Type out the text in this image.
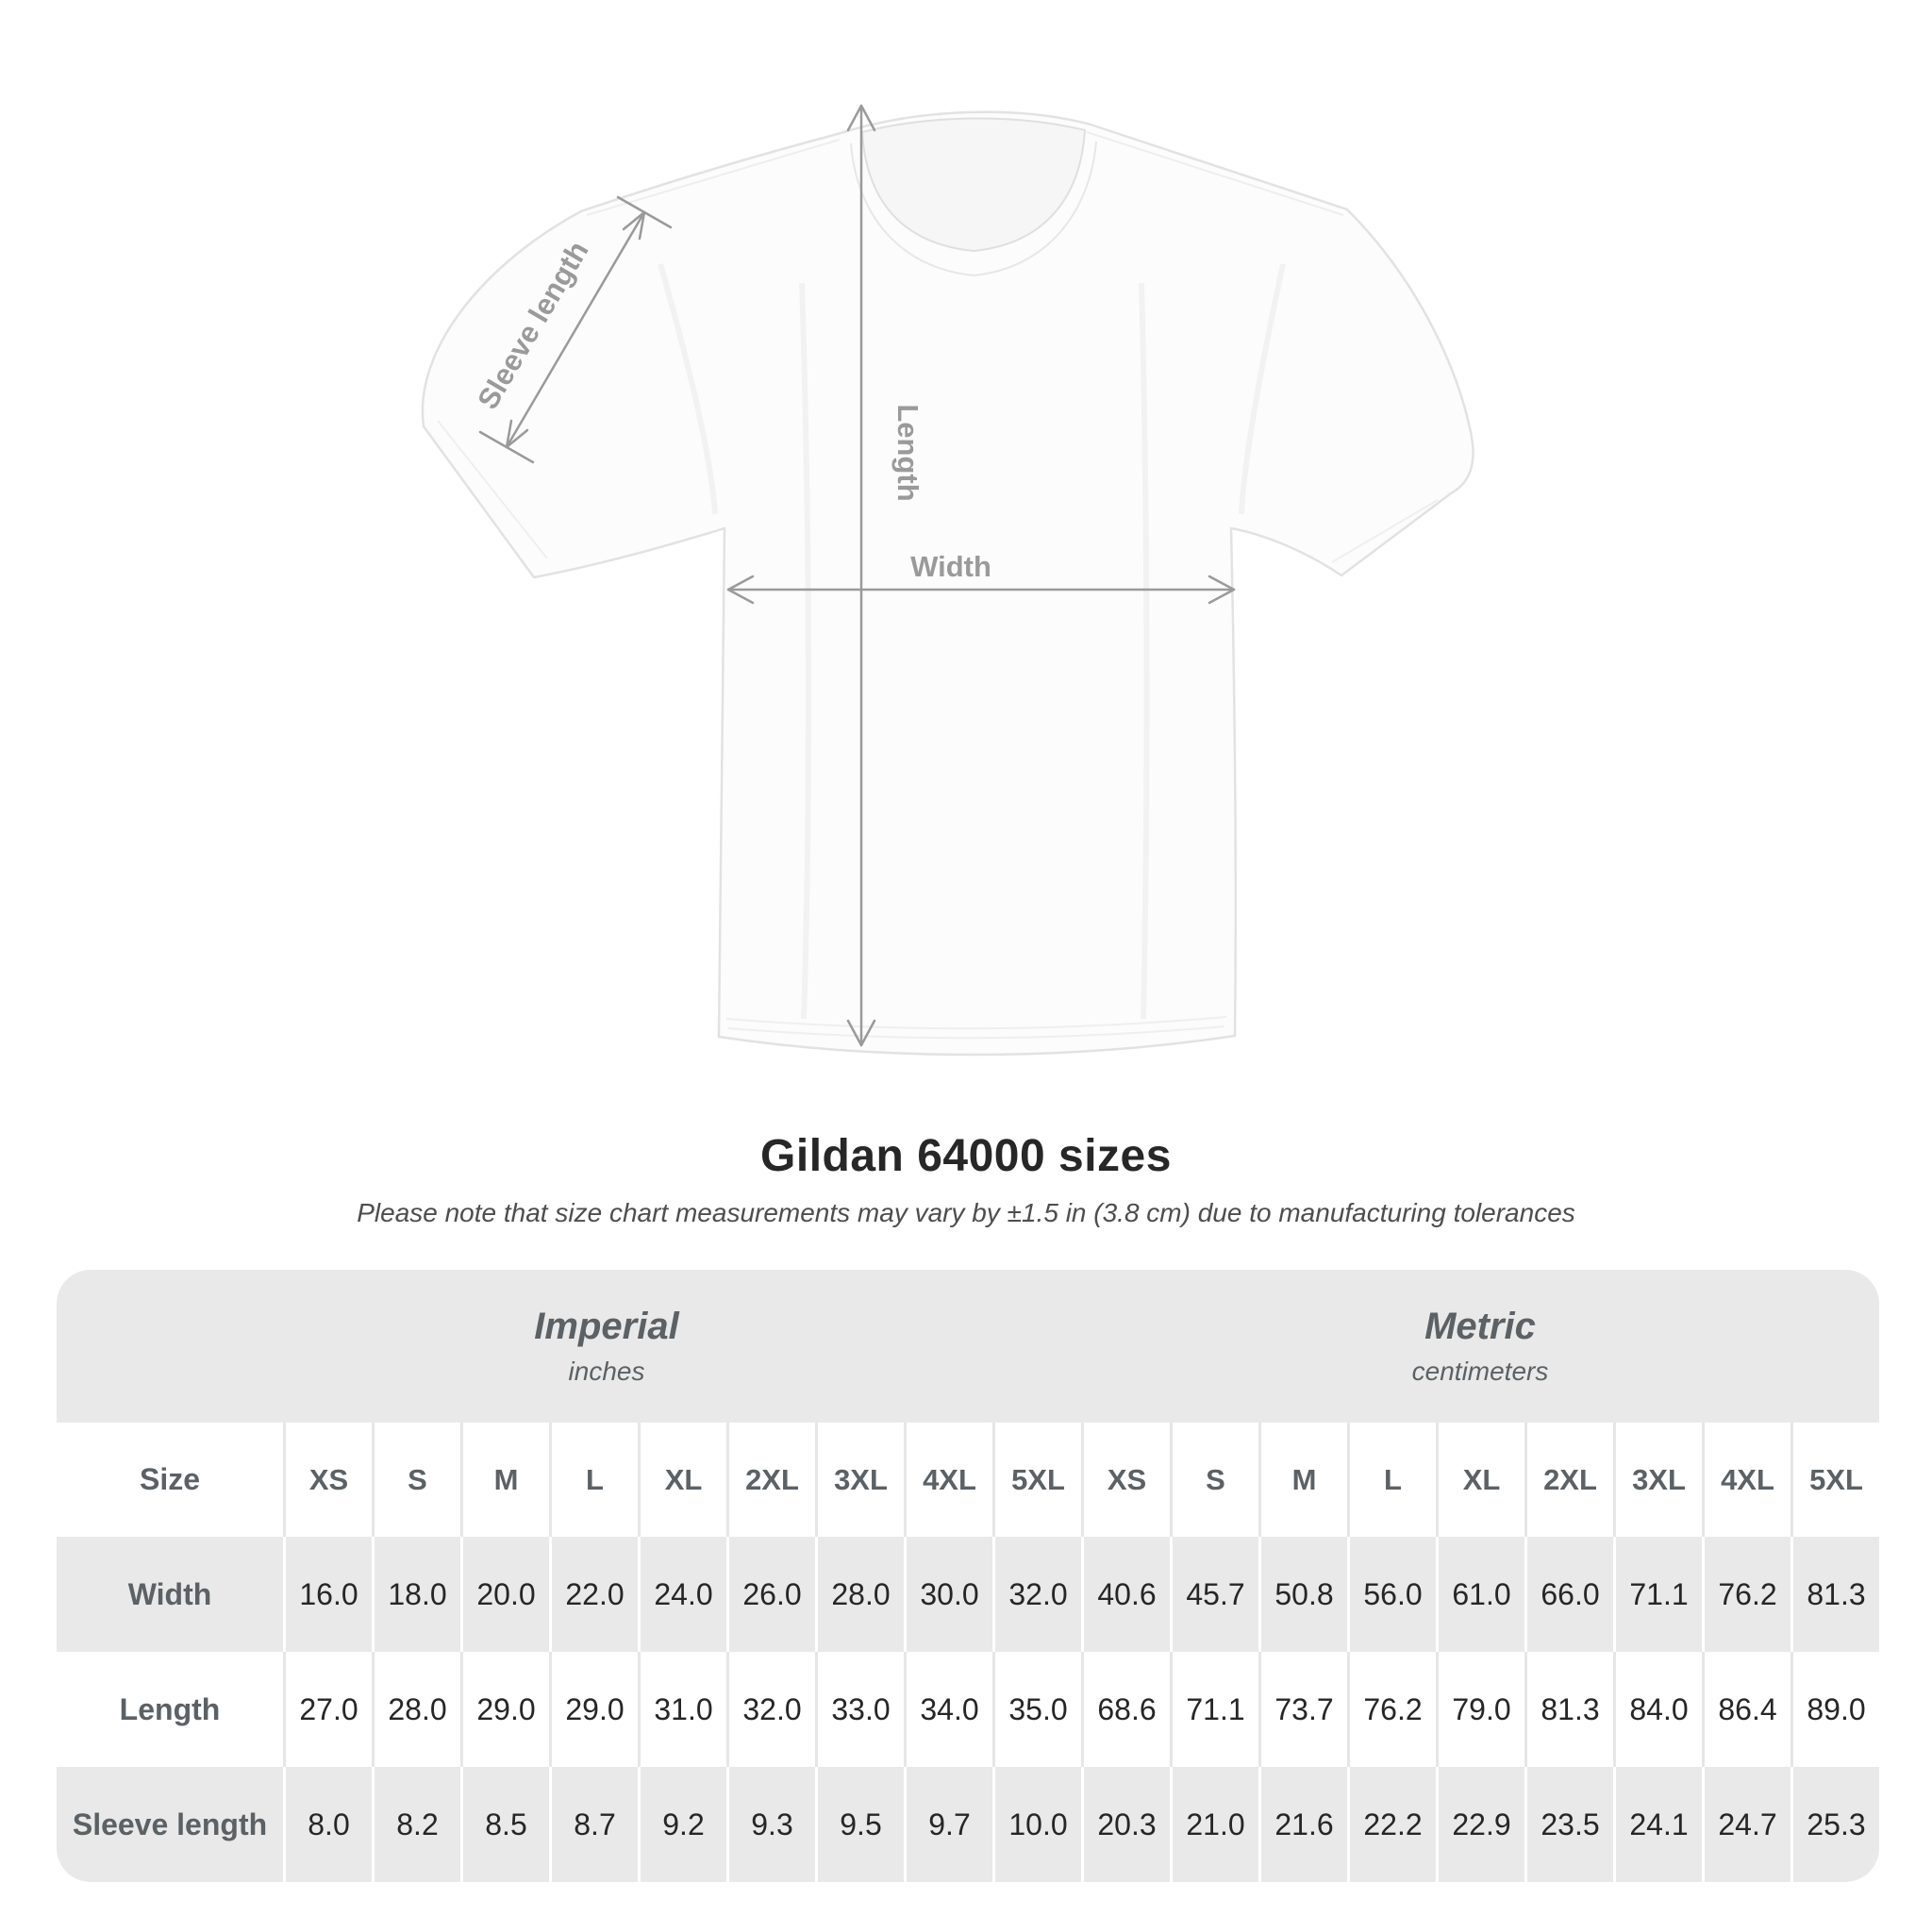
Sleeve length
Length
Width
Gildan 64000 sizes
Please note that size chart measurements may vary by ±1.5 in (3.8 cm) due to manufacturing tolerances
Imperial
inches
Metric
centimeters
Size	XS	S	M	L	XL	2XL	3XL	4XL	5XL	XS	S	M	L	XL	2XL	3XL	4XL	5XL
Width	16.0 18.0 20.0 22.0 24.0 26.0 28.0 30.0 32.0 40.6 45.7 50.8 56.0 61.0 66.0 71.1 76.2 81.3
Length	27.0 28.0 29.0 29.0 31.0 32.0 33.0 34.0 35.0 68.6 71.1 73.7 76.2 79.0 81.3 84.0 86.4 89.0
Sleeve length	8.0	8.2	8.5	8.7	9.2	9.3	9.5	9.7	10.0 20.3 21.0 21.6 22.2 22.9 23.5 24.1 24.7 25.3
